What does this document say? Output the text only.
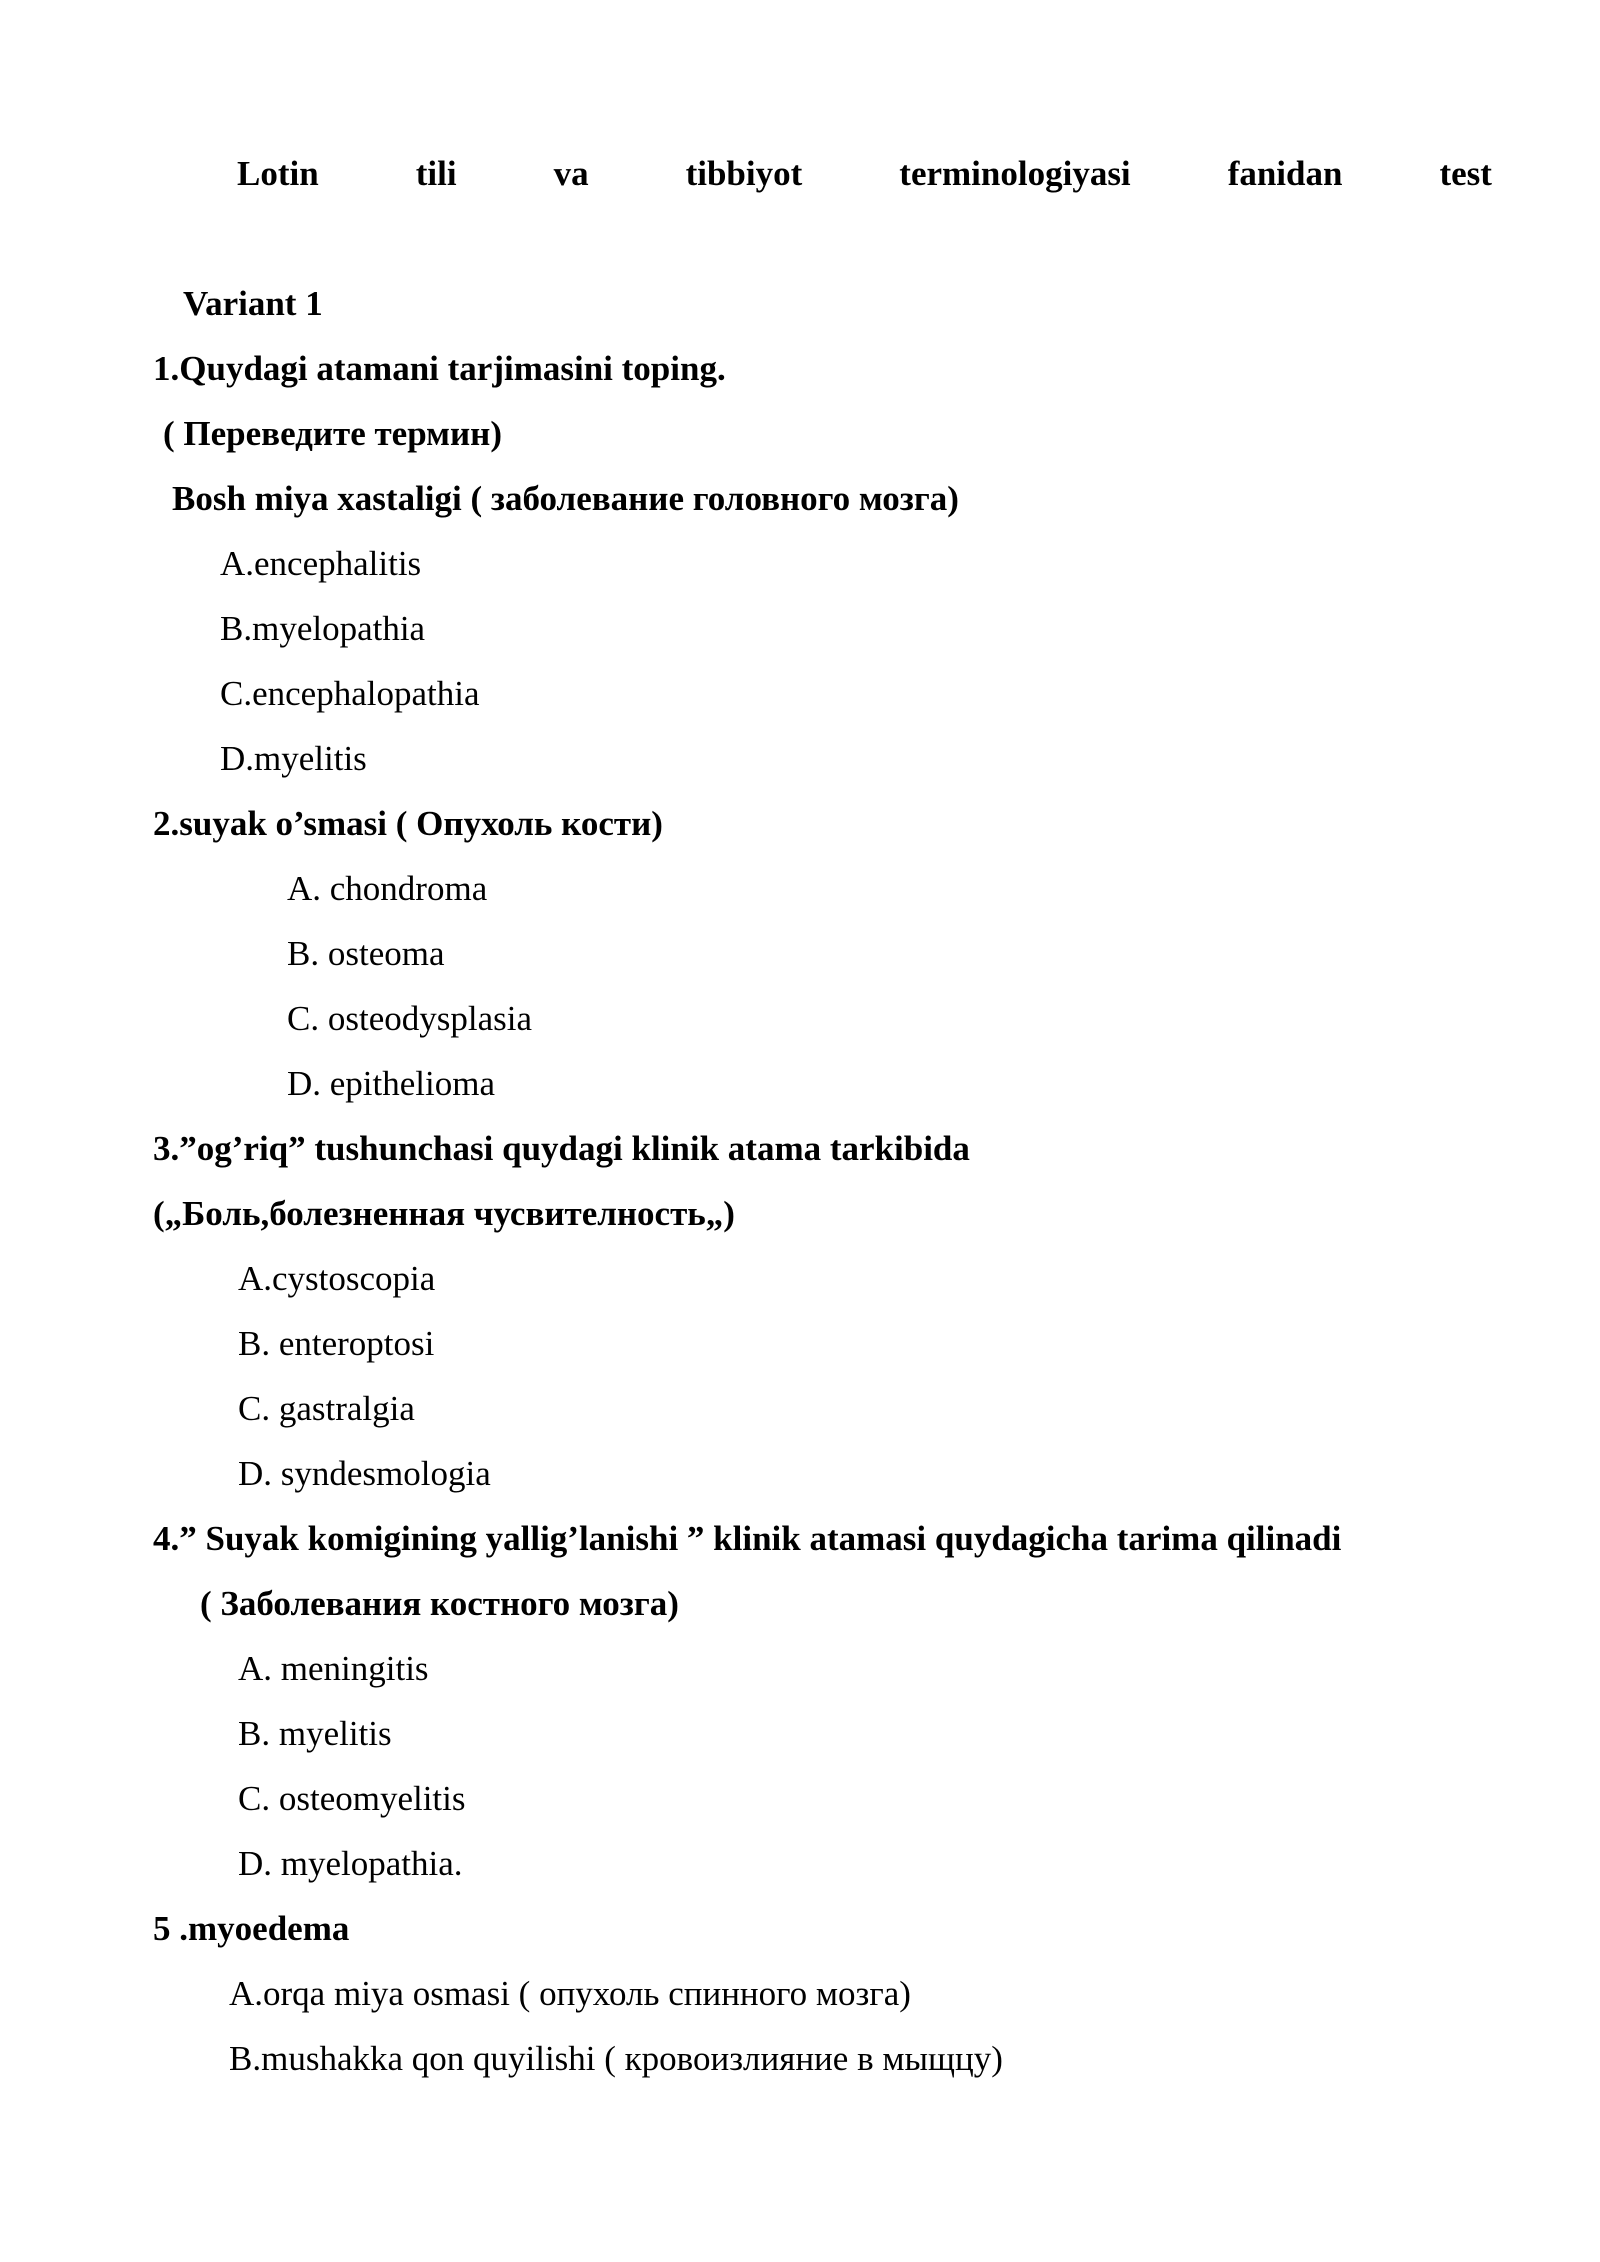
Lotin	tili	va	tibbiyot	terminologiyasi	fanidan	test
Variant 1
1.Quydagi atamani tarjimasini toping.
( Переведите термин)
Bosh miya xastaligi ( заболевание головного мозга)
A.encephalitis
B.myelopathia
C.encephalopathia
D.myelitis
2.suyak o’smasi ( Опухоль кости)
A. chondroma
B. osteoma
C. osteodysplasia
D. epithelioma
3.”og’riq” tushunchasi quydagi klinik atama tarkibida
(„Боль,болезненная чусвителность„)
A.cystoscopia
B. enteroptosi
C. gastralgia
D. syndesmologia
4.” Suyak komigining yallig’lanishi ” klinik atamasi quydagicha tarima qilinadi
( Заболевания костного мозга)
A. meningitis
B. myelitis
C. osteomyelitis
D. myelopathia.
5 .myoedema
A.orqa miya osmasi ( опухоль спинного мозга)
B.mushakka qon quyilishi ( кровоизлияние в мыщцу)
